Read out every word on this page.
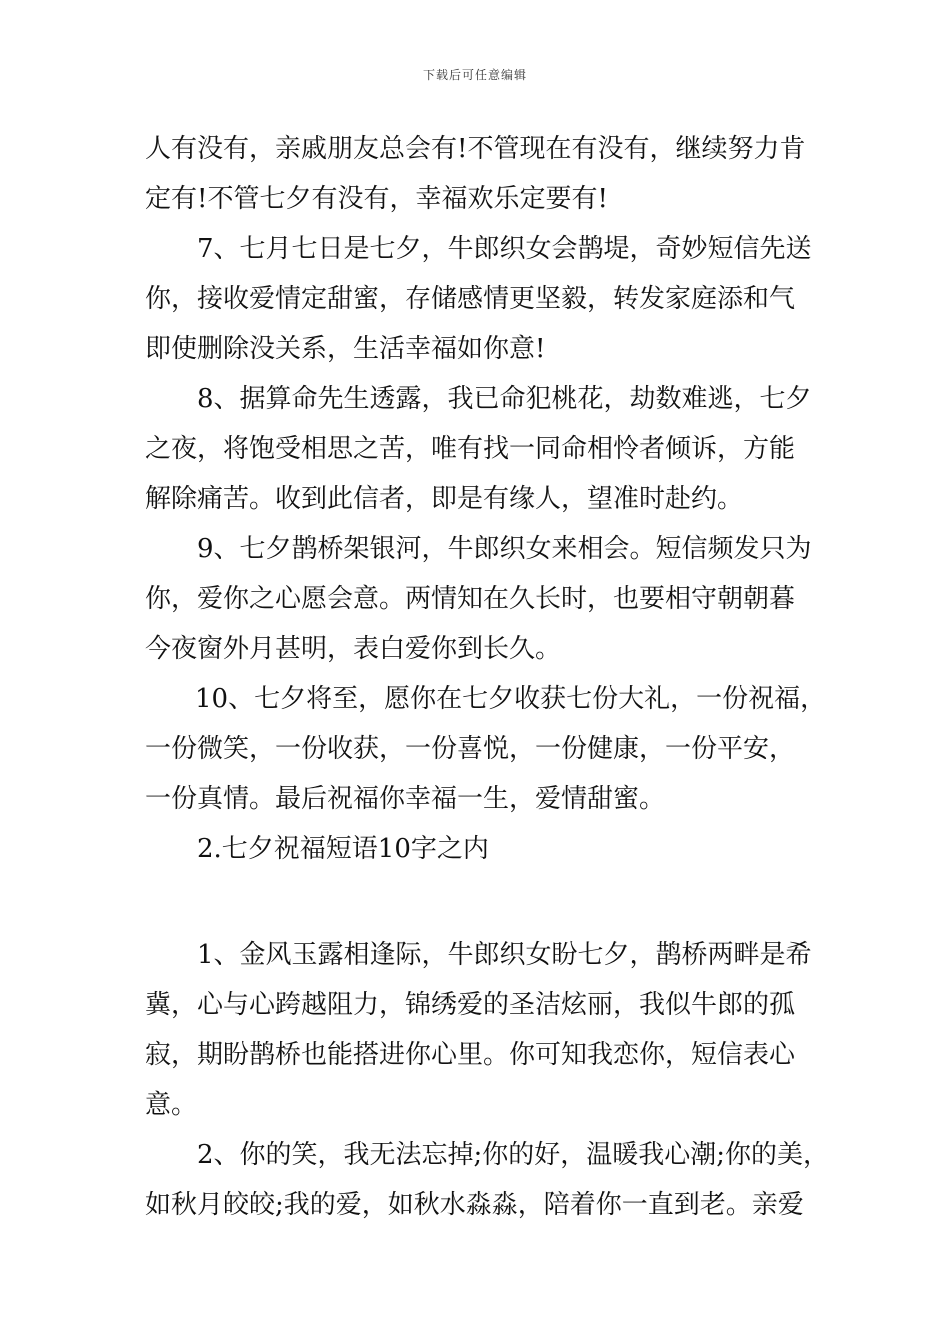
下载后可任意编辑
人有没有，亲戚朋友总会有!不管现在有没有，继续努力肯
定有!不管七夕有没有，幸福欢乐定要有!
7、七月七日是七夕，牛郎织女会鹊堤，奇妙短信先送
你，接收爱情定甜蜜，存储感情更坚毅，转发家庭添和气
即使删除没关系，生活幸福如你意!
8、据算命先生透露，我已命犯桃花，劫数难逃，七夕
之夜，将饱受相思之苦，唯有找一同命相怜者倾诉，方能
解除痛苦。收到此信者，即是有缘人，望准时赴约。
9、七夕鹊桥架银河，牛郎织女来相会。短信频发只为
你，爱你之心愿会意。两情知在久长时，也要相守朝朝暮
今夜窗外月甚明，表白爱你到长久。
10、七夕将至，愿你在七夕收获七份大礼，一份祝福，
一份微笑，一份收获，一份喜悦，一份健康，一份平安，
一份真情。最后祝福你幸福一生，爱情甜蜜。
2.七夕祝福短语10字之内
1、金风玉露相逢际，牛郎织女盼七夕，鹊桥两畔是希
冀，心与心跨越阻力，锦绣爱的圣洁炫丽，我似牛郎的孤
寂，期盼鹊桥也能搭进你心里。你可知我恋你，短信表心
意。
2、你的笑，我无法忘掉;你的好，温暖我心潮;你的美，
如秋月皎皎;我的爱，如秋水淼淼，陪着你一直到老。亲爱
